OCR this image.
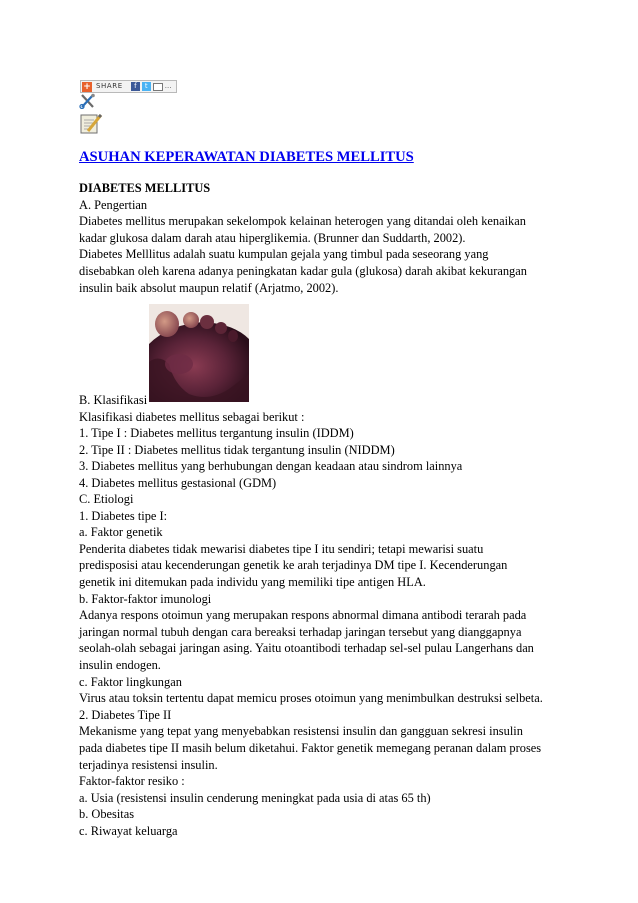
+ SHARE	f	t	...
ASUHAN KEPERAWATAN DIABETES MELLITUS

DIABETES MELLITUS

A. Pengertian

Diabetes mellitus merupakan sekelompok kelainan heterogen yang ditandai oleh kenaikan

kadar glukosa dalam darah atau hiperglikemia. (Brunner dan Suddarth, 2002).

Diabetes Melllitus adalah suatu kumpulan gejala yang timbul pada seseorang yang

disebabkan oleh karena adanya peningkatan kadar gula (glukosa) darah akibat kekurangan

insulin baik absolut maupun relatif (Arjatmo, 2002).

B. Klasifikasi

Klasifikasi diabetes mellitus sebagai berikut :

1. Tipe I : Diabetes mellitus tergantung insulin (IDDM)

2. Tipe II : Diabetes mellitus tidak tergantung insulin (NIDDM)

3. Diabetes mellitus yang berhubungan dengan keadaan atau sindrom lainnya

4. Diabetes mellitus gestasional (GDM)

C. Etiologi

1. Diabetes tipe I:

a. Faktor genetik

Penderita diabetes tidak mewarisi diabetes tipe I itu sendiri; tetapi mewarisi suatu

predisposisi atau kecenderungan genetik ke arah terjadinya DM tipe I. Kecenderungan

genetik ini ditemukan pada individu yang memiliki tipe antigen HLA.

b. Faktor-faktor imunologi

Adanya respons otoimun yang merupakan respons abnormal dimana antibodi terarah pada

jaringan normal tubuh dengan cara bereaksi terhadap jaringan tersebut yang dianggapnya

seolah-olah sebagai jaringan asing. Yaitu otoantibodi terhadap sel-sel pulau Langerhans dan

insulin endogen.

c. Faktor lingkungan

Virus atau toksin tertentu dapat memicu proses otoimun yang menimbulkan destruksi selbeta.

2. Diabetes Tipe II

Mekanisme yang tepat yang menyebabkan resistensi insulin dan gangguan sekresi insulin

pada diabetes tipe II masih belum diketahui. Faktor genetik memegang peranan dalam proses

terjadinya resistensi insulin.

Faktor-faktor resiko :

a. Usia (resistensi insulin cenderung meningkat pada usia di atas 65 th)

b. Obesitas

c. Riwayat keluarga
